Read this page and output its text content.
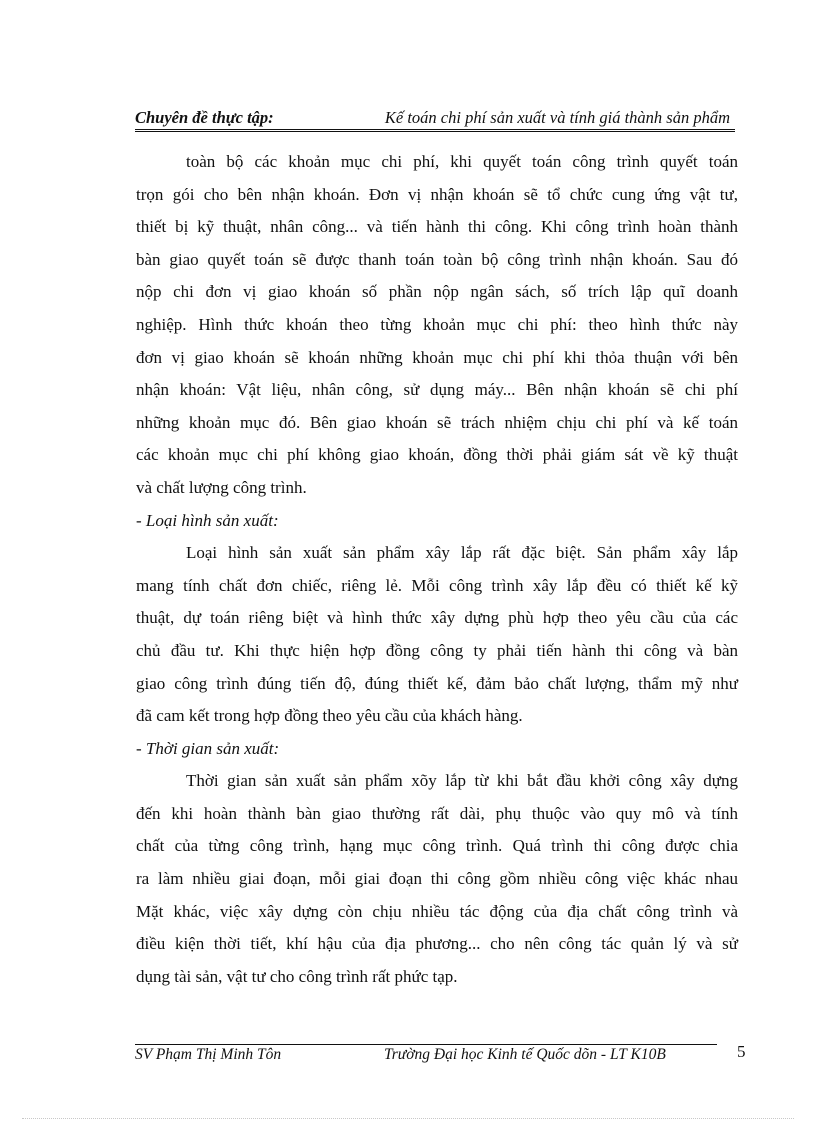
Chuyên đề thực tập:	Kế toán chi phí sản xuất và tính giá thành sản phẩm
toàn bộ các khoản mục chi phí, khi quyết toán công trình quyết toán
trọn gói cho bên nhận khoán. Đơn vị nhận khoán sẽ tổ chức cung ứng vật tư,
thiết bị kỹ thuật, nhân công... và tiến hành thi công. Khi công trình hoàn thành
bàn giao quyết toán sẽ được thanh toán toàn bộ công trình nhận khoán. Sau đó
nộp chi đơn vị giao khoán số phần nộp ngân sách, số trích lập quĩ doanh
nghiệp. Hình thức khoán theo từng khoản mục chi phí: theo hình thức này
đơn vị giao khoán sẽ khoán những khoản mục chi phí khi thỏa thuận với bên
nhận khoán: Vật liệu, nhân công, sử dụng máy... Bên nhận khoán sẽ chi phí
những khoản mục đó. Bên giao khoán sẽ trách nhiệm chịu chi phí và kế toán
các khoản mục chi phí không giao khoán, đồng thời phải giám sát về kỹ thuật
và chất lượng công trình.
- Loại hình sản xuất:
Loại hình sản xuất sản phẩm xây lắp rất đặc biệt. Sản phẩm xây lắp
mang tính chất đơn chiếc, riêng lẻ. Mỗi công trình xây lắp đều có thiết kế kỹ
thuật, dự toán riêng biệt và hình thức xây dựng phù hợp theo yêu cầu của các
chủ đầu tư. Khi thực hiện hợp đồng công ty phải tiến hành thi công và bàn
giao công trình đúng tiến độ, đúng thiết kế, đảm bảo chất lượng, thẩm mỹ như
đã cam kết trong hợp đồng theo yêu cầu của khách hàng.
- Thời gian sản xuất:
Thời gian sản xuất sản phẩm xõy lắp từ khi bắt đầu khởi công xây dựng
đến khi hoàn thành bàn giao thường rất dài, phụ thuộc vào quy mô và tính
chất của từng công trình, hạng mục công trình. Quá trình thi công được chia
ra làm nhiều giai đoạn, mỗi giai đoạn thi công gồm nhiều công việc khác nhau
Mặt khác, việc xây dựng còn chịu nhiều tác động của địa chất công trình và
điều kiện thời tiết, khí hậu của địa phương... cho nên công tác quản lý và sử
dụng tài sản, vật tư cho công trình rất phức tạp.
SV Phạm Thị Minh Tôn	Trường Đại học Kinh tế Quốc dõn - LT K10B	5
